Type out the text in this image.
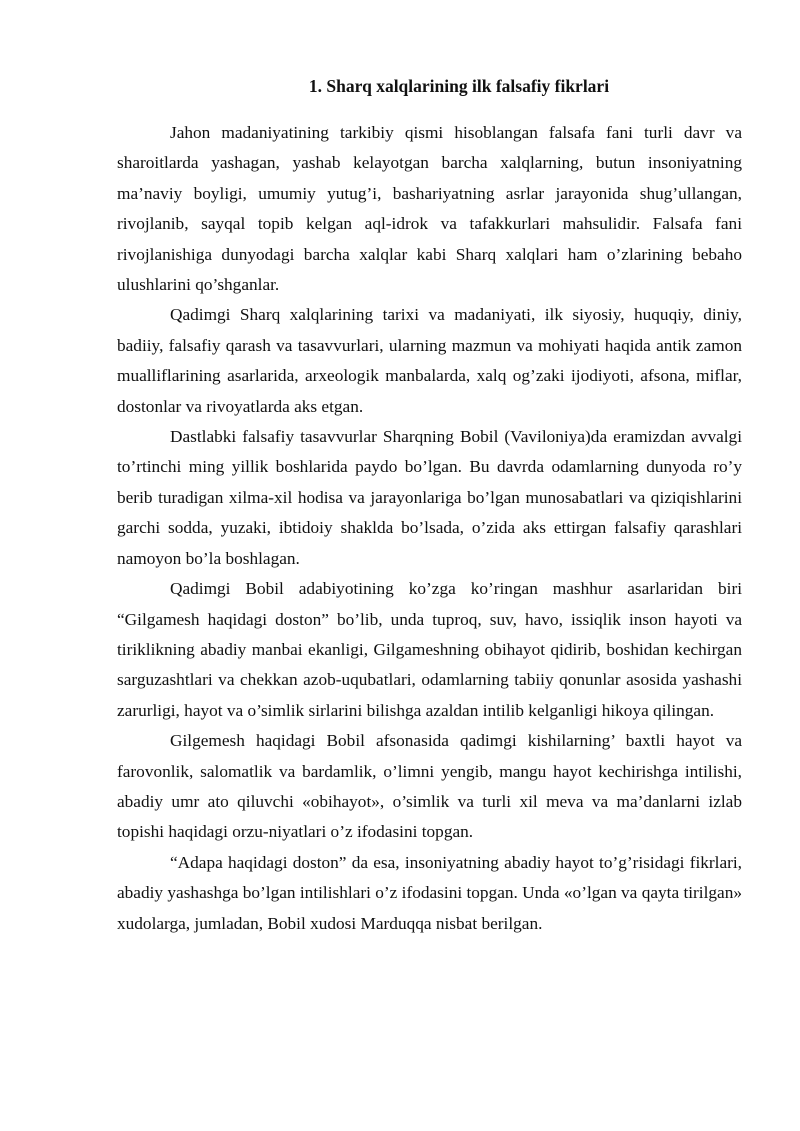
1. Sharq xalqlarining ilk falsafiy fikrlari

Jahon madaniyatining tarkibiy qismi hisoblangan falsafa fani turli davr va sharoitlarda yashagan, yashab kelayotgan barcha xalqlarning, butun insoniyatning ma’naviy boyligi, umumiy yutug’i, bashariyatning asrlar jarayonida shug’ullangan, rivojlanib, sayqal topib kelgan aql-idrok va tafakkurlari mahsulidir. Falsafa fani rivojlanishiga dunyodagi barcha xalqlar kabi Sharq xalqlari ham o’zlarining bebaho ulushlarini qo’shganlar.

Qadimgi Sharq xalqlarining tarixi va madaniyati, ilk siyosiy, huquqiy, diniy, badiiy, falsafiy qarash va tasavvurlari, ularning mazmun va mohiyati haqida antik zamon mualliflarining asarlarida, arxeologik manbalarda, xalq og’zaki ijodiyoti, afsona, miflar, dostonlar va rivoyatlarda aks etgan.

Dastlabki falsafiy tasavvurlar Sharqning Bobil (Vaviloniya)da eramizdan avvalgi to’rtinchi ming yillik boshlarida paydo bo’lgan. Bu davrda odamlarning dunyoda ro’y berib turadigan xilma-xil hodisa va jarayonlariga bo’lgan munosabatlari va qiziqishlarini garchi sodda, yuzaki, ibtidoiy shaklda bo’lsada, o’zida aks ettirgan falsafiy qarashlari namoyon bo’la boshlagan.

Qadimgi Bobil adabiyotining ko’zga ko’ringan mashhur asarlaridan biri “Gilgamesh haqidagi doston” bo’lib, unda tuproq, suv, havo, issiqlik inson hayoti va tiriklikning abadiy manbai ekanligi, Gilgameshning obihayot qidirib, boshidan kechirgan sarguzashtlari va chekkan azob-uqubatlari, odamlarning tabiiy qonunlar asosida yashashi zarurligi, hayot va o’simlik sirlarini bilishga azaldan intilib kelganligi hikoya qilingan.

Gilgemesh haqidagi Bobil afsonasida qadimgi kishilarning’ baxtli hayot va farovonlik, salomatlik va bardamlik, o’limni yengib, mangu hayot kechirishga intilishi, abadiy umr ato qiluvchi «obihayot», o’simlik va turli xil meva va ma’danlarni izlab topishi haqidagi orzu-niyatlari o’z ifodasini topgan.

“Adapa haqidagi doston” da esa, insoniyatning abadiy hayot to’g’risidagi fikrlari, abadiy yashashga bo’lgan intilishlari o’z ifodasini topgan. Unda «o’lgan va qayta tirilgan» xudolarga, jumladan, Bobil xudosi Marduqqa nisbat berilgan.
